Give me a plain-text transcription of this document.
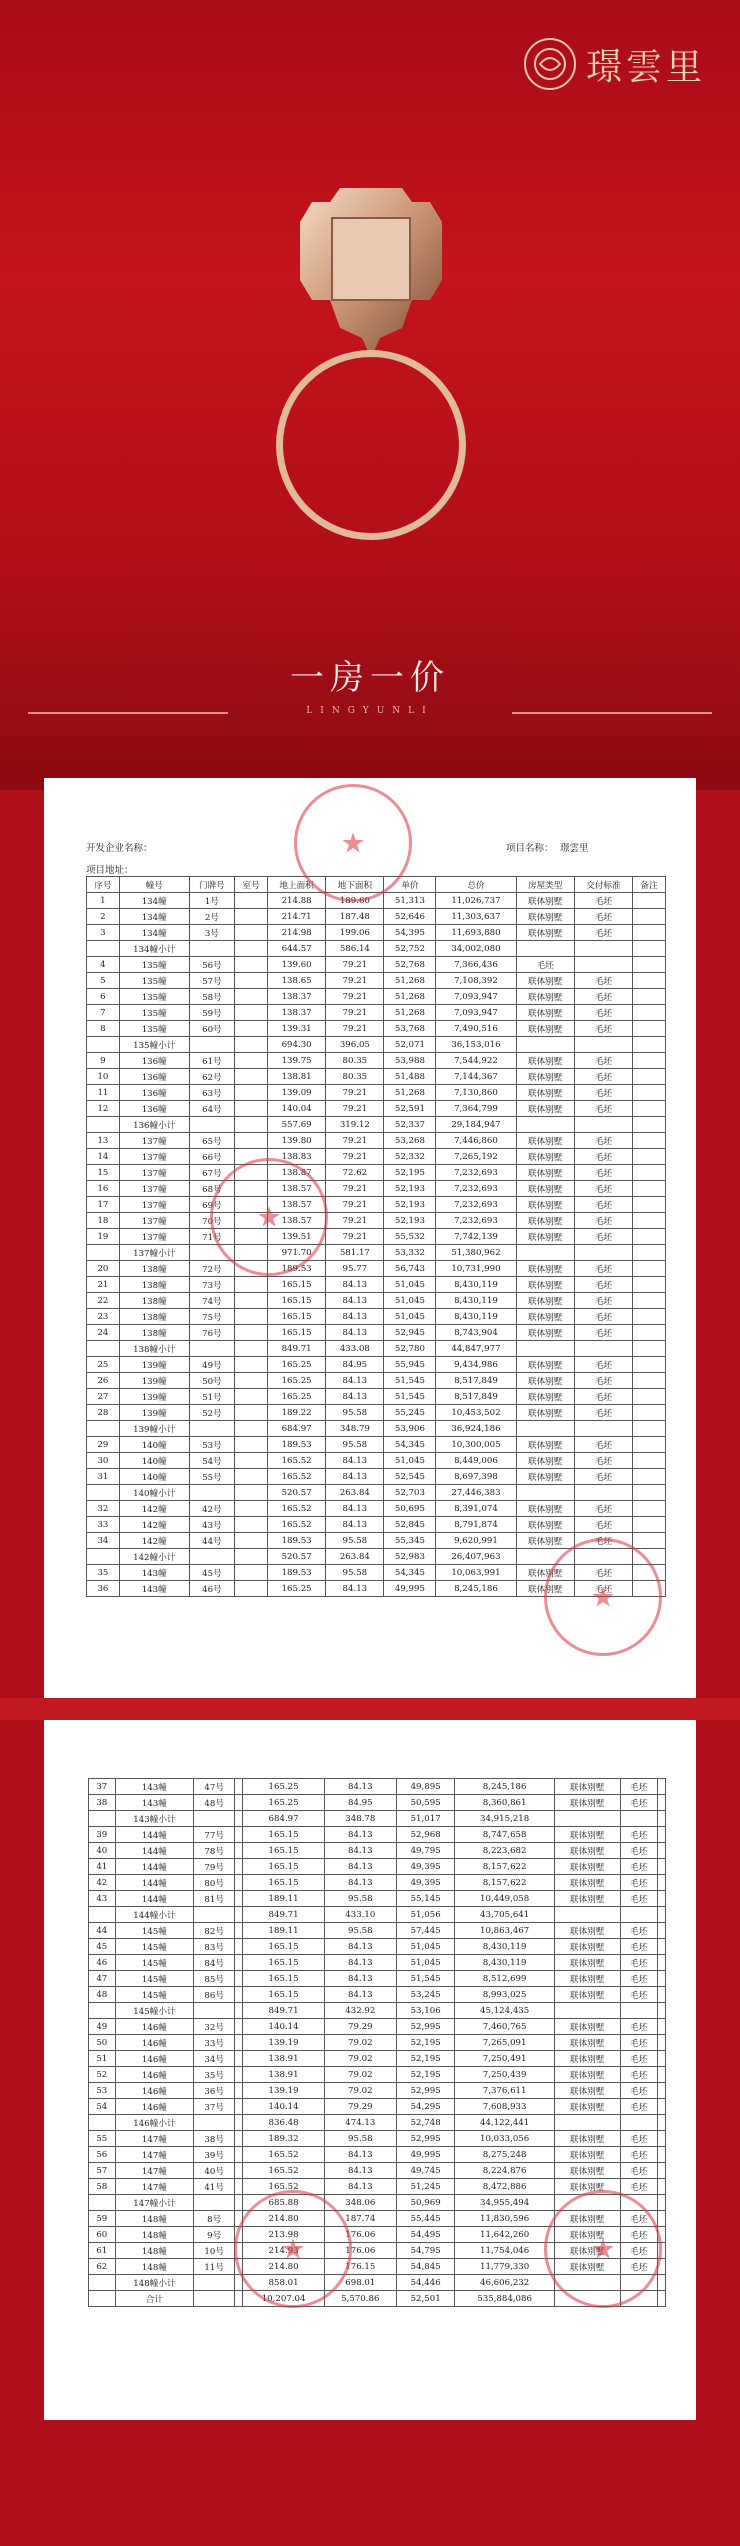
璟雲里
一房一价
LINGYUNLI
开发企业名称：	项目名称： 璟雲里
项目地址：
序号	幢号	门牌号	室号	地上面积	地下面积	单价	总价	房屋类型	交付标准	备注
1	134幢	1号		214.88	189.60	51,313	11,026,737	联体别墅	毛坯	
2	134幢	2号		214.71	187.48	52,646	11,303,637	联体别墅	毛坯	
3	134幢	3号		214.98	199.06	54,395	11,693,880	联体别墅	毛坯	
	134幢小计			644.57	586.14	52,752	34,002,080			
4	135幢	56号		139.60	79.21	52,768	7,366,436	毛坯		
5	135幢	57号		138.65	79.21	51,268	7,108,392	联体别墅	毛坯	
6	135幢	58号		138.37	79.21	51,268	7,093,947	联体别墅	毛坯	
7	135幢	59号		138.37	79.21	51,268	7,093,947	联体别墅	毛坯	
8	135幢	60号		139.31	79.21	53,768	7,490,516	联体别墅	毛坯	
	135幢小计			694.30	396.05	52,071	36,153,016			
9	136幢	61号		139.75	80.35	53,988	7,544,922	联体别墅	毛坯	
10	136幢	62号		138.81	80.35	51,488	7,144,367	联体别墅	毛坯	
11	136幢	63号		139.09	79.21	51,268	7,130,860	联体别墅	毛坯	
12	136幢	64号		140.04	79.21	52,591	7,364,799	联体别墅	毛坯	
	136幢小计			557.69	319.12	52,337	29,184,947			
13	137幢	65号		139.80	79.21	53,268	7,446,860	联体别墅	毛坯	
14	137幢	66号		138.83	79.21	52,332	7,265,192	联体别墅	毛坯	
15	137幢	67号		138.87	72.62	52,195	7,232,693	联体别墅	毛坯	
16	137幢	68号		138.57	79.21	52,193	7,232,693	联体别墅	毛坯	
17	137幢	69号		138.57	79.21	52,193	7,232,693	联体别墅	毛坯	
18	137幢	70号		138.57	79.21	52,193	7,232,693	联体别墅	毛坯	
19	137幢	71号		139.51	79.21	55,532	7,742,139	联体别墅	毛坯	
	137幢小计			971.70	581.17	53,332	51,380,962			
20	138幢	72号		189.53	95.77	56,743	10,731,990	联体别墅	毛坯	
21	138幢	73号		165.15	84.13	51,045	8,430,119	联体别墅	毛坯	
22	138幢	74号		165.15	84.13	51,045	8,430,119	联体别墅	毛坯	
23	138幢	75号		165.15	84.13	51,045	8,430,119	联体别墅	毛坯	
24	138幢	76号		165.15	84.13	52,945	8,743,904	联体别墅	毛坯	
	138幢小计			849.71	433.08	52,780	44,847,977			
25	139幢	49号		165.25	84.95	55,945	9,434,986	联体别墅	毛坯	
26	139幢	50号		165.25	84.13	51,545	8,517,849	联体别墅	毛坯	
27	139幢	51号		165.25	84.13	51,545	8,517,849	联体别墅	毛坯	
28	139幢	52号		189.22	95.58	55,245	10,453,502	联体别墅	毛坯	
	139幢小计			684.97	348.79	53,906	36,924,186			
29	140幢	53号		189.53	95.58	54,345	10,300,005	联体别墅	毛坯	
30	140幢	54号		165.52	84.13	51,045	8,449,006	联体别墅	毛坯	
31	140幢	55号		165.52	84.13	52,545	8,697,398	联体别墅	毛坯	
	140幢小计			520.57	263.84	52,703	27,446,383			
32	142幢	42号		165.52	84.13	50,695	8,391,074	联体别墅	毛坯	
33	142幢	43号		165.52	84.13	52,845	8,791,874	联体别墅	毛坯	
34	142幢	44号		189.53	95.58	55,345	9,620,991	联体别墅	毛坯	
	142幢小计			520.57	263.84	52,983	26,407,963			
35	143幢	45号		189.53	95.58	54,345	10,063,991	联体别墅	毛坯	
36	143幢	46号		165.25	84.13	49,995	8,245,186	联体别墅	毛坯	
★
★
★
37	143幢	47号		165.25	84.13	49,895	8,245,186	联体别墅	毛坯	
38	143幢	48号		165.25	84.95	50,595	8,360,861	联体别墅	毛坯	
	143幢小计			684.97	348.78	51,017	34,915,218			
39	144幢	77号		165.15	84.13	52,968	8,747,658	联体别墅	毛坯	
40	144幢	78号		165.15	84.13	49,795	8,223,682	联体别墅	毛坯	
41	144幢	79号		165.15	84.13	49,395	8,157,622	联体别墅	毛坯	
42	144幢	80号		165.15	84.13	49,395	8,157,622	联体别墅	毛坯	
43	144幢	81号		189.11	95.58	55,145	10,449,058	联体别墅	毛坯	
	144幢小计			849.71	433.10	51,056	43,705,641			
44	145幢	82号		189.11	95.58	57,445	10,863,467	联体别墅	毛坯	
45	145幢	83号		165.15	84.13	51,045	8,430,119	联体别墅	毛坯	
46	145幢	84号		165.15	84.13	51,045	8,430,119	联体别墅	毛坯	
47	145幢	85号		165.15	84.13	51,545	8,512,699	联体别墅	毛坯	
48	145幢	86号		165.15	84.13	53,245	8,993,025	联体别墅	毛坯	
	145幢小计			849.71	432.92	53,106	45,124,435			
49	146幢	32号		140.14	79.29	52,995	7,460,765	联体别墅	毛坯	
50	146幢	33号		139.19	79.02	52,195	7,265,091	联体别墅	毛坯	
51	146幢	34号		138.91	79.02	52,195	7,250,491	联体别墅	毛坯	
52	146幢	35号		138.91	79.02	52,195	7,250,439	联体别墅	毛坯	
53	146幢	36号		139.19	79.02	52,995	7,376,611	联体别墅	毛坯	
54	146幢	37号		140.14	79.29	54,295	7,608,933	联体别墅	毛坯	
	146幢小计			836.48	474.13	52,748	44,122,441			
55	147幢	38号		189.32	95.58	52,995	10,033,056	联体别墅	毛坯	
56	147幢	39号		165.52	84.13	49,995	8,275,248	联体别墅	毛坯	
57	147幢	40号		165.52	84.13	49,745	8,224,876	联体别墅	毛坯	
58	147幢	41号		165.52	84.13	51,245	8,472,886	联体别墅	毛坯	
	147幢小计			685.88	348.06	50,969	34,955,494			
59	148幢	8号		214.80	187.74	55,445	11,830,596	联体别墅	毛坯	
60	148幢	9号		213.98	176.06	54,495	11,642,260	联体别墅	毛坯	
61	148幢	10号		214.93	176.06	54,795	11,754,046	联体别墅	毛坯	
62	148幢	11号		214.80	176.15	54,845	11,779,330	联体别墅	毛坯	
	148幢小计			858.01	698.01	54,446	46,606,232			
	合计			10,207.04	5,570.86	52,501	535,884,086			
★
★
